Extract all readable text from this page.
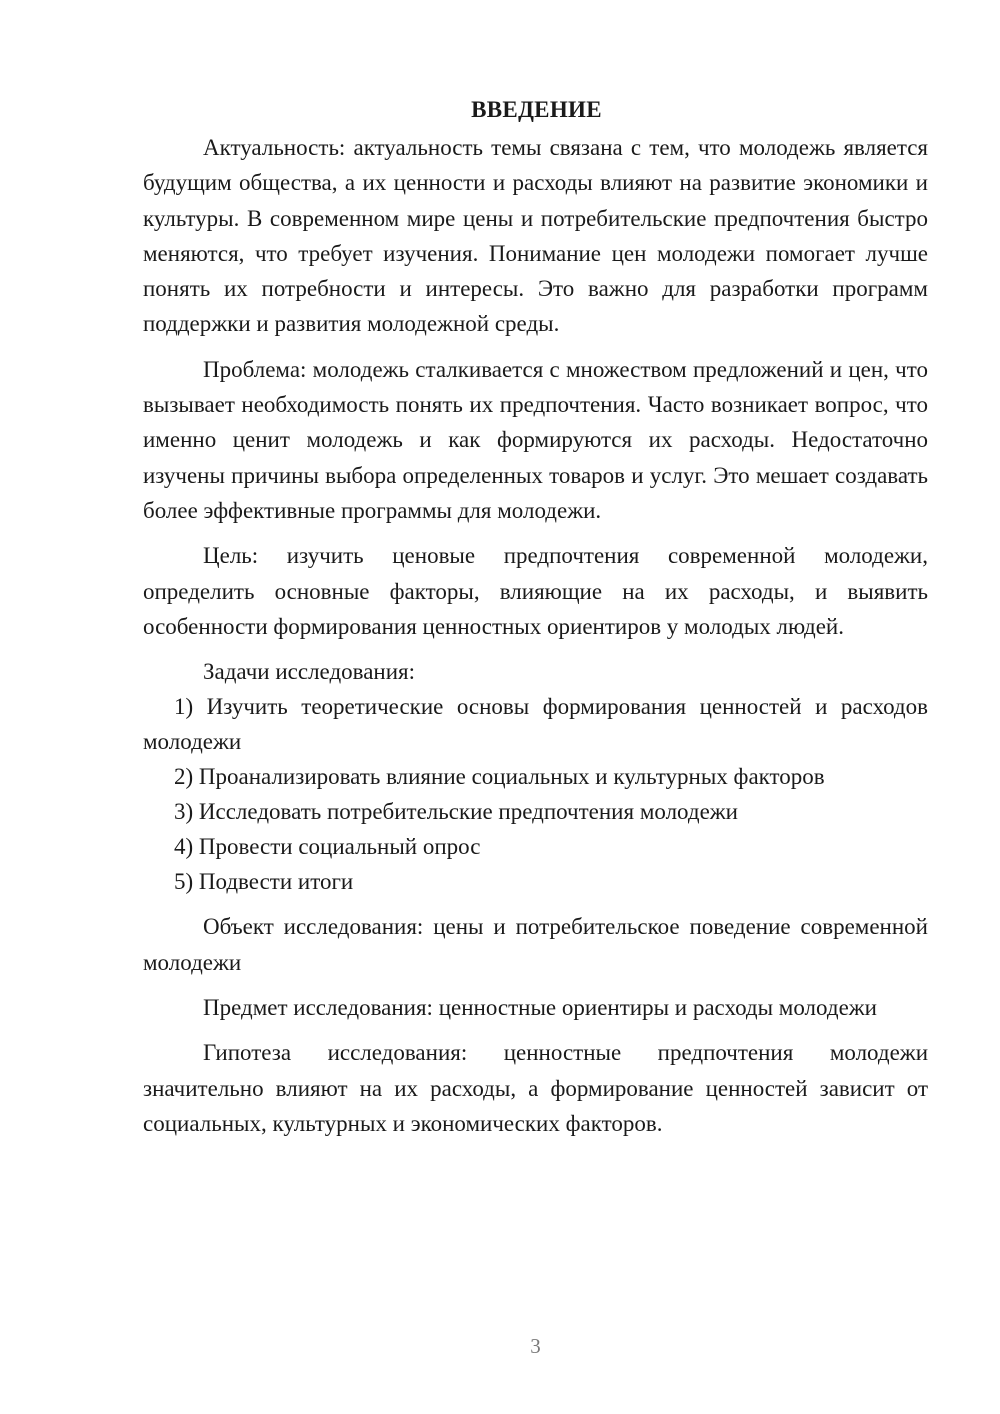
ВВЕДЕНИЕ

Актуальность: актуальность темы связана с тем, что молодежь является будущим общества, а их ценности и расходы влияют на развитие экономики и культуры. В современном мире цены и потребительские предпочтения быстро меняются, что требует изучения. Понимание цен молодежи помогает лучше понять их потребности и интересы. Это важно для разработки программ поддержки и развития молодежной среды.

Проблема: молодежь сталкивается с множеством предложений и цен, что вызывает необходимость понять их предпочтения. Часто возникает вопрос, что именно ценит молодежь и как формируются их расходы. Недостаточно изучены причины выбора определенных товаров и услуг. Это мешает создавать более эффективные программы для молодежи.

Цель: изучить ценовые предпочтения современной молодежи, определить основные факторы, влияющие на их расходы, и выявить особенности формирования ценностных ориентиров у молодых людей.

Задачи исследования:

1) Изучить теоретические основы формирования ценностей и расходов молодежи

2) Проанализировать влияние социальных и культурных факторов

3) Исследовать потребительские предпочтения молодежи

4) Провести социальный опрос

5) Подвести итоги

Объект исследования: цены и потребительское поведение современной молодежи

Предмет исследования: ценностные ориентиры и расходы молодежи

Гипотеза исследования: ценностные предпочтения молодежи значительно влияют на их расходы, а формирование ценностей зависит от социальных, культурных и экономических факторов.

3
